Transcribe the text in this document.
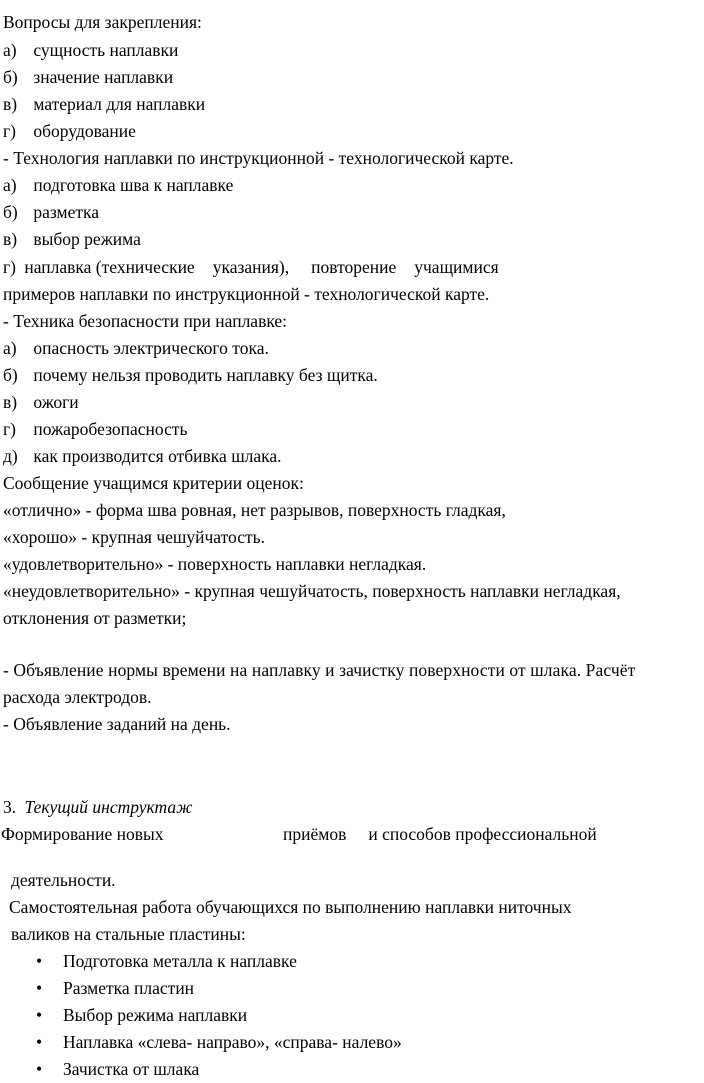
Вопросы для закрепления:
а) сущность наплавки
б) значение наплавки
в) материал для наплавки
г) оборудование
- Технология наплавки по инструкционной - технологической карте.
а) подготовка шва к наплавке
б) разметка
в) выбор режима
г) наплавка (технические указания), повторение учащимися
примеров наплавки по инструкционной - технологической карте.
- Техника безопасности при наплавке:
а) опасность электрического тока.
б) почему нельзя проводить наплавку без щитка.
в) ожоги
г) пожаробезопасность
д) как производится отбивка шлака.
Сообщение учащимся критерии оценок:
«отлично» - форма шва ровная, нет разрывов, поверхность гладкая,
«хорошо» - крупная чешуйчатость.
«удовлетворительно» - поверхность наплавки негладкая.
«неудовлетворительно» - крупная чешуйчатость, поверхность наплавки негладкая,
отклонения от разметки;
- Объявление нормы времени на наплавку и зачистку поверхности от шлака. Расчёт
расхода электродов.
- Объявление заданий на день.
3. Текущий инструктаж
Формирование новых	приёмов и способов профессиональной
деятельности.
Самостоятельная работа обучающихся по выполнению наплавки ниточных
валиков на стальные пластины:
• Подготовка металла к наплавке
• Разметка пластин
• Выбор режима наплавки
• Наплавка «слева- направо», «справа- налево»
• Зачистка от шлака
